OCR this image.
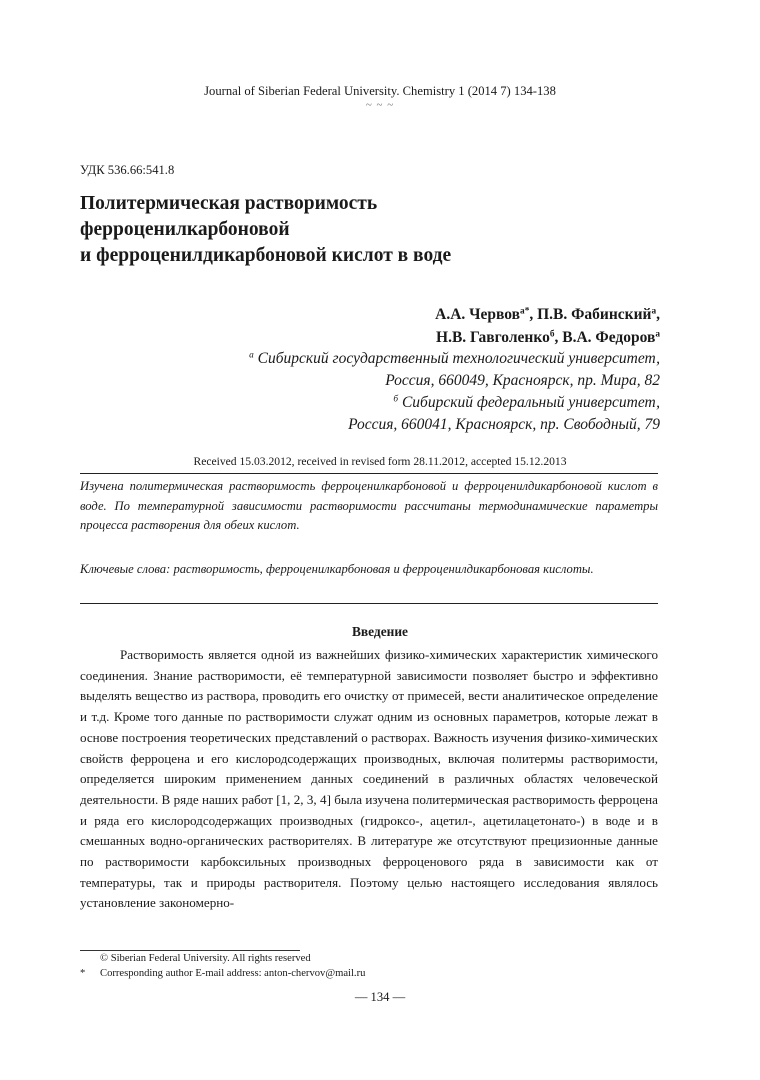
Journal of Siberian Federal University. Chemistry 1 (2014 7) 134-138
~ ~ ~
УДК 536.66:541.8
Политермическая растворимость
ферроценилкарбоновой
и ферроценилдикарбоновой кислот в воде
А.А. Червов$^{а*}$, П.В. Фабинский$^а$,
Н.В. Гавголенко$^б$, В.А. Федоров$^а$
$^а$ Сибирский государственный технологический университет,
Россия, 660049, Красноярск, пр. Мира, 82
$^б$ Сибирский федеральный университет,
Россия, 660041, Красноярск, пр. Свободный, 79
Received 15.03.2012, received in revised form 28.11.2012, accepted 15.12.2013
Изучена политермическая растворимость ферроценилкарбоновой и ферроценилдикарбоновой кислот в воде. По температурной зависимости растворимости рассчитаны термодинамические параметры процесса растворения для обеих кислот.
Ключевые слова: растворимость, ферроценилкарбоновая и ферроценилдикарбоновая кислоты.
Введение

Растворимость является одной из важнейших физико-химических характеристик химического соединения. Знание растворимости, её температурной зависимости позволяет быстро и эффективно выделять вещество из раствора, проводить его очистку от примесей, вести аналитическое определение и т.д. Кроме того данные по растворимости служат одним из основных параметров, которые лежат в основе построения теоретических представлений о растворах. Важность изучения физико-химических свойств ферроцена и его кислородсодержащих производных, включая политермы растворимости, определяется широким применением данных соединений в различных областях человеческой деятельности. В ряде наших работ [1, 2, 3, 4] была изучена политермическая растворимость ферроцена и ряда его кислородсодержащих производных (гидроксо-, ацетил-, ацетилацетонато-) в воде и в смешанных водно-органических растворителях. В литературе же отсутствуют прецизионные данные по растворимости карбоксильных производных ферроценового ряда в зависимости как от температуры, так и природы растворителя. Поэтому целью настоящего исследования являлось установление закономерно-

© Siberian Federal University. All rights reserved
*	Corresponding author E-mail address: anton-chervov@mail.ru
— 134 —
